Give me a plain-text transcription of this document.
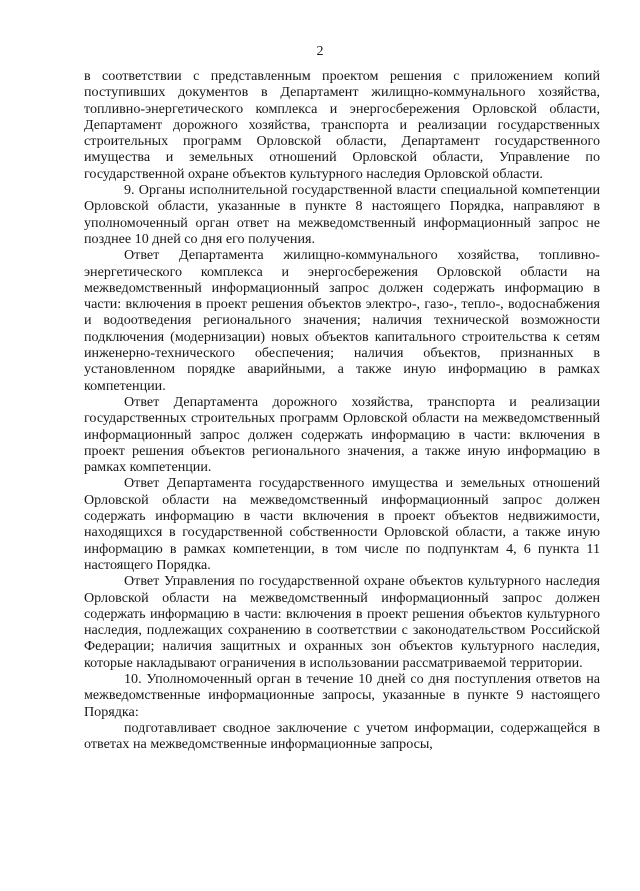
2

в соответствии с представленным проектом решения с приложением копий поступивших документов в Департамент жилищно-коммунального хозяйства, топливно-энергетического комплекса и энергосбережения Орловской области, Департамент дорожного хозяйства, транспорта и реализации государственных строительных программ Орловской области, Департамент государственного имущества и земельных отношений Орловской области, Управление по государственной охране объектов культурного наследия Орловской области.

9. Органы исполнительной государственной власти специальной компетенции Орловской области, указанные в пункте 8 настоящего Порядка, направляют в уполномоченный орган ответ на межведомственный информационный запрос не позднее 10 дней со дня его получения.

Ответ Департамента жилищно-коммунального хозяйства, топливно-энергетического комплекса и энергосбережения Орловской области на межведомственный информационный запрос должен содержать информацию в части: включения в проект решения объектов электро-, газо-, тепло-, водоснабжения и водоотведения регионального значения; наличия технической возможности подключения (модернизации) новых объектов капитального строительства к сетям инженерно-технического обеспечения; наличия объектов, признанных в установленном порядке аварийными, а также иную информацию в рамках компетенции.

Ответ Департамента дорожного хозяйства, транспорта и реализации государственных строительных программ Орловской области на межведомственный информационный запрос должен содержать информацию в части: включения в проект решения объектов регионального значения, а также иную информацию в рамках компетенции.

Ответ Департамента государственного имущества и земельных отношений Орловской области на межведомственный информационный запрос должен содержать информацию в части включения в проект объектов недвижимости, находящихся в государственной собственности Орловской области, а также иную информацию в рамках компетенции, в том числе по подпунктам 4, 6 пункта 11 настоящего Порядка.

Ответ Управления по государственной охране объектов культурного наследия Орловской области на межведомственный информационный запрос должен содержать информацию в части: включения в проект решения объектов культурного наследия, подлежащих сохранению в соответствии с законодательством Российской Федерации; наличия защитных и охранных зон объектов культурного наследия, которые накладывают ограничения в использовании рассматриваемой территории.

10. Уполномоченный орган в течение 10 дней со дня поступления ответов на межведомственные информационные запросы, указанные в пункте 9 настоящего Порядка:

подготавливает сводное заключение с учетом информации, содержащейся в ответах на межведомственные информационные запросы,
